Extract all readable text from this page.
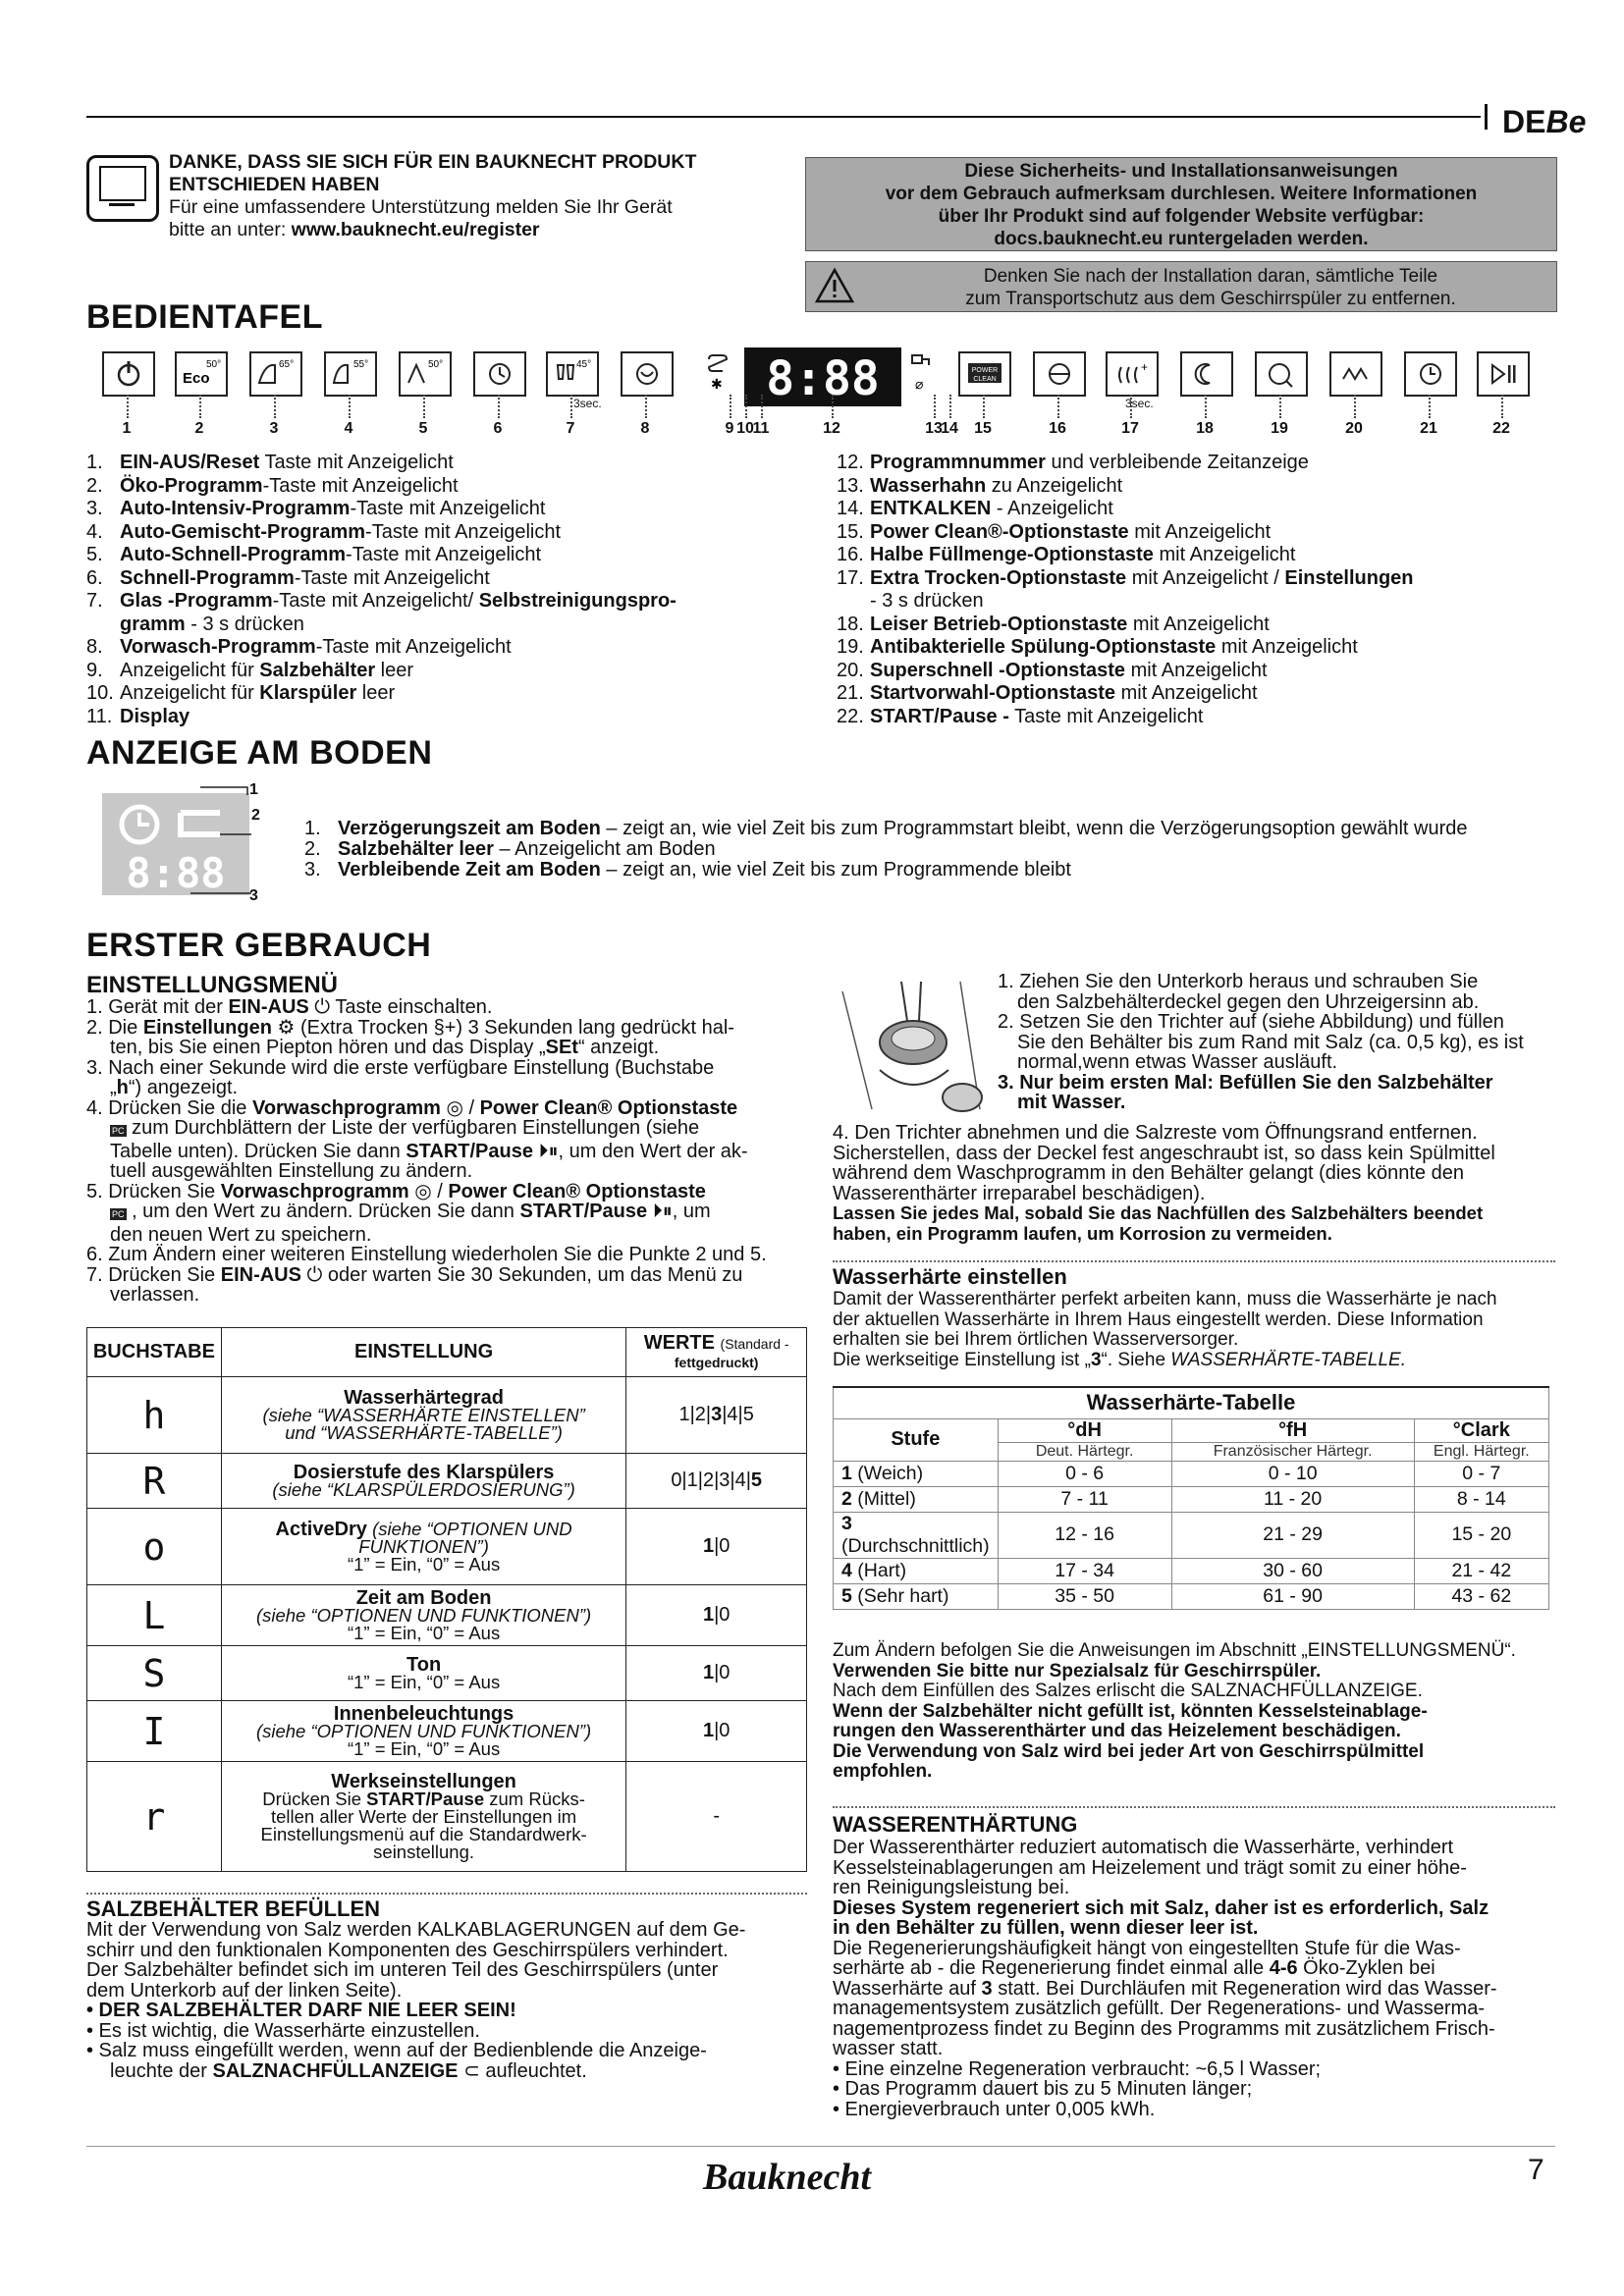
DEBe
DANKE, DASS SIE SICH FÜR EIN BAUKNECHT PRODUKT
ENTSCHIEDEN HABEN
Für eine umfassendere Unterstützung melden Sie Ihr Gerät
bitte an unter: www.bauknecht.eu/register
Diese Sicherheits- und Installationsanweisungen
vor dem Gebrauch aufmerksam durchlesen. Weitere Informationen
über Ihr Produkt sind auf folgender Website verfügbar:
docs.bauknecht.eu runtergeladen werden.
Denken Sie nach der Installation daran, sämtliche Teile
zum Transportschutz aus dem Geschirrspüler zu entfernen.
BEDIENTAFEL
Eco
50°	65°	55°	50°	45°
✱ 8:88	⌀
POWER
CLEAN
+
3sec.	3sec.
1	2	3	4	5	6	7	8	9 10
11	12	13
14	15	16	17	18	19	20	21	22
1. EIN-AUS/Reset Taste mit Anzeigelicht
2. Öko-Programm-Taste mit Anzeigelicht
3. Auto-Intensiv-Programm-Taste mit Anzeigelicht
4. Auto-Gemischt-Programm-Taste mit Anzeigelicht
5. Auto-Schnell-Programm-Taste mit Anzeigelicht
6. Schnell-Programm-Taste mit Anzeigelicht
7. Glas -Programm-Taste mit Anzeigelicht/ Selbstreinigungspro-
gramm - 3 s drücken
8. Vorwasch-Programm-Taste mit Anzeigelicht
9. Anzeigelicht für Salzbehälter leer
10. Anzeigelicht für Klarspüler leer
11. Display
12. Programmnummer und verbleibende Zeitanzeige
13. Wasserhahn zu Anzeigelicht
14. ENTKALKEN - Anzeigelicht
15. Power Clean®-Optionstaste mit Anzeigelicht
16. Halbe Füllmenge-Optionstaste mit Anzeigelicht
17. Extra Trocken-Optionstaste mit Anzeigelicht / Einstellungen
- 3 s drücken
18. Leiser Betrieb-Optionstaste mit Anzeigelicht
19. Antibakterielle Spülung-Optionstaste mit Anzeigelicht
20. Superschnell -Optionstaste mit Anzeigelicht
21. Startvorwahl-Optionstaste mit Anzeigelicht
22. START/Pause - Taste mit Anzeigelicht
ANZEIGE AM BODEN
8:88
1
2
3
1. Verzögerungszeit am Boden – zeigt an, wie viel Zeit bis zum Programmstart bleibt, wenn die Verzögerungsoption gewählt wurde
2. Salzbehälter leer – Anzeigelicht am Boden
3. Verbleibende Zeit am Boden – zeigt an, wie viel Zeit bis zum Programmende bleibt
ERSTER GEBRAUCH
EINSTELLUNGSMENÜ

1. Gerät mit der EIN-AUS ⏻ Taste einschalten.

2. Die Einstellungen ⚙ (Extra Trocken §+) 3 Sekunden lang gedrückt hal-

ten, bis Sie einen Piepton hören und das Display „SEt“ anzeigt.

3. Nach einer Sekunde wird die erste verfügbare Einstellung (Buchstabe

„h“) angezeigt.

4. Drücken Sie die Vorwaschprogramm ◎ / Power Clean® Optionstaste

PC zum Durchblättern der Liste der verfügbaren Einstellungen (siehe

Tabelle unten). Drücken Sie dann START/Pause ⏵⏸, um den Wert der ak-

tuell ausgewählten Einstellung zu ändern.

5. Drücken Sie Vorwaschprogramm ◎ / Power Clean® Optionstaste

PC , um den Wert zu ändern. Drücken Sie dann START/Pause ⏵⏸, um

den neuen Wert zu speichern.

6. Zum Ändern einer weiteren Einstellung wiederholen Sie die Punkte 2 und 5.

7. Drücken Sie EIN-AUS ⏻ oder warten Sie 30 Sekunden, um das Menü zu

verlassen.

BUCHSTABE	EINSTELLUNG	WERTE (Standard -
fettgedruckt)
h	Wasserhärtegrad
(siehe “WASSERHÄRTE EINSTELLEN”
und “WASSERHÄRTE-TABELLE”)	1|2|3|4|5
R	Dosierstufe des Klarspülers
(siehe “KLARSPÜLERDOSIERUNG”)	0|1|2|3|4|5
o	ActiveDry (siehe “OPTIONEN UND
FUNKTIONEN”)
“1” = Ein, “0” = Aus	1|0
L	Zeit am Boden
(siehe “OPTIONEN UND FUNKTIONEN”)
“1” = Ein, “0” = Aus	1|0
S	Ton
“1” = Ein, “0” = Aus	1|0
I	Innenbeleuchtungs
(siehe “OPTIONEN UND FUNKTIONEN”)
“1” = Ein, “0” = Aus	1|0
r	Werkseinstellungen
Drücken Sie START/Pause zum Rücks-
tellen aller Werte der Einstellungen im
Einstellungsmenü auf die Standardwerk-
seinstellung.	-
SALZBEHÄLTER BEFÜLLEN

Mit der Verwendung von Salz werden KALKABLAGERUNGEN auf dem Ge-

schirr und den funktionalen Komponenten des Geschirrspülers verhindert.

Der Salzbehälter befindet sich im unteren Teil des Geschirrspülers (unter

dem Unterkorb auf der linken Seite).

• DER SALZBEHÄLTER DARF NIE LEER SEIN!

• Es ist wichtig, die Wasserhärte einzustellen.

• Salz muss eingefüllt werden, wenn auf der Bedienblende die Anzeige-

leuchte der SALZNACHFÜLLANZEIGE ⊂ aufleuchtet.

1. Ziehen Sie den Unterkorb heraus und schrauben Sie

den Salzbehälterdeckel gegen den Uhrzeigersinn ab.

2. Setzen Sie den Trichter auf (siehe Abbildung) und füllen

Sie den Behälter bis zum Rand mit Salz (ca. 0,5 kg), es ist

normal,wenn etwas Wasser ausläuft.

3. Nur beim ersten Mal: Befüllen Sie den Salzbehälter

mit Wasser.

4. Den Trichter abnehmen und die Salzreste vom Öffnungsrand entfernen.

Sicherstellen, dass der Deckel fest angeschraubt ist, so dass kein Spülmittel

während dem Waschprogramm in den Behälter gelangt (dies könnte den

Wasserenthärter irreparabel beschädigen).

Lassen Sie jedes Mal, sobald Sie das Nachfüllen des Salzbehälters beendet

haben, ein Programm laufen, um Korrosion zu vermeiden.

Wasserhärte einstellen

Damit der Wasserenthärter perfekt arbeiten kann, muss die Wasserhärte je nach

der aktuellen Wasserhärte in Ihrem Haus eingestellt werden. Diese Information

erhalten sie bei Ihrem örtlichen Wasserversorger.

Die werkseitige Einstellung ist „3“. Siehe WASSERHÄRTE-TABELLE.

Wasserhärte-Tabelle			
Stufe	°dH	°fH	°Clark
	Deut. Härtegr.	Französischer Härtegr.	Engl. Härtegr.
1 (Weich)	0 - 6	0 - 10	0 - 7
2 (Mittel)	7 - 11	11 - 20	8 - 14
3 (Durchschnittlich)	12 - 16	21 - 29	15 - 20
4 (Hart)	17 - 34	30 - 60	21 - 42
5 (Sehr hart)	35 - 50	61 - 90	43 - 62

Zum Ändern befolgen Sie die Anweisungen im Abschnitt „EINSTELLUNGSMENÜ“.

Verwenden Sie bitte nur Spezialsalz für Geschirrspüler.

Nach dem Einfüllen des Salzes erlischt die SALZNACHFÜLLANZEIGE.

Wenn der Salzbehälter nicht gefüllt ist, könnten Kesselsteinablage-

rungen den Wasserenthärter und das Heizelement beschädigen.

Die Verwendung von Salz wird bei jeder Art von Geschirrspülmittel

empfohlen.

WASSERENTHÄRTUNG

Der Wasserenthärter reduziert automatisch die Wasserhärte, verhindert

Kesselsteinablagerungen am Heizelement und trägt somit zu einer höhe-

ren Reinigungsleistung bei.

Dieses System regeneriert sich mit Salz, daher ist es erforderlich, Salz

in den Behälter zu füllen, wenn dieser leer ist.

Die Regenerierungshäufigkeit hängt von eingestellten Stufe für die Was-

serhärte ab - die Regenerierung findet einmal alle 4-6 Öko-Zyklen bei

Wasserhärte auf 3 statt. Bei Durchläufen mit Regeneration wird das Wasser-

managementsystem zusätzlich gefüllt. Der Regenerations- und Wasserma-

nagementprozess findet zu Beginn des Programms mit zusätzlichem Frisch-

wasser statt.

• Eine einzelne Regeneration verbraucht: ~6,5 l Wasser;

• Das Programm dauert bis zu 5 Minuten länger;

• Energieverbrauch unter 0,005 kWh.

Bauknecht	7
